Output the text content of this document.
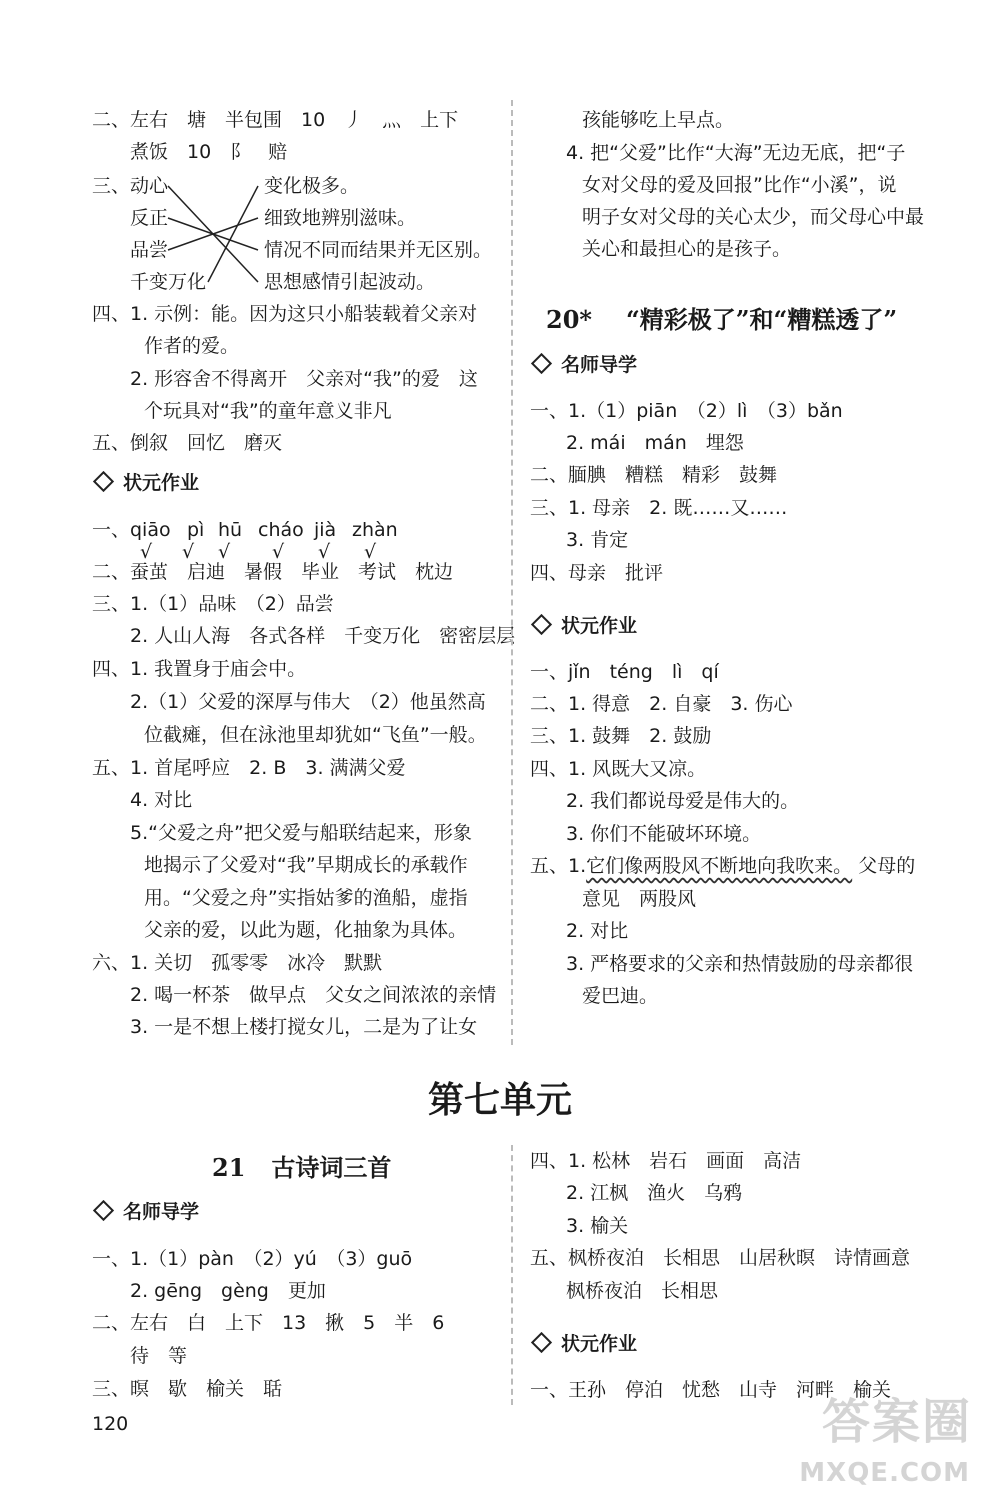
二、左右　塘　半包围　10　丿　灬　上下
煮饭　10　阝　赔
三、 动心
反正
品尝
千变万化
变化极多。
细致地辨别滋味。
情况不同而结果并无区别。
思想感情引起波动。
四、1. 示例：能。因为这只小船装载着父亲对
作者的爱。
2. 形容舍不得离开　父亲对“我”的爱　这
个玩具对“我”的童年意义非凡
五、倒叙　回忆　磨灭
状元作业
一、 qiāo pì hū cháo jià zhàn
√ √ √ √ √ √
二、蚕茧　启迪　暑假　毕业　考试　枕边
三、1.（1）品味　（2）品尝
2. 人山人海　各式各样　千变万化　密密层层
四、1. 我置身于庙会中。
2.（1）父爱的深厚与伟大　（2）他虽然高
位截瘫，但在泳池里却犹如“飞鱼”一般。
五、1. 首尾呼应　2. B　3. 满满父爱
4. 对比
5.“父爱之舟”把父爱与船联结起来，形象
地揭示了父爱对“我”早期成长的承载作
用。“父爱之舟”实指姑爹的渔船，虚指
父亲的爱，以此为题，化抽象为具体。
六、1. 关切　孤零零　冰冷　默默
2. 喝一杯茶　做早点　父女之间浓浓的亲情
3. 一是不想上楼打搅女儿，二是为了让女
孩能够吃上早点。
4. 把“父爱”比作“大海”无边无底，把“子
女对父母的爱及回报”比作“小溪”，说
明子女对父母的关心太少，而父母心中最
关心和最担心的是孩子。
20* “精彩极了”和“糟糕透了”
名师导学
一、1.（1）piān　（2）lì　（3）bǎn
2. mái　mán　埋怨
二、腼腆　糟糕　精彩　鼓舞
三、1. 母亲　2. 既……又……
3. 肯定
四、母亲　批评
状元作业
一、jǐn　téng　lì　qí
二、1. 得意　2. 自豪　3. 伤心
三、1. 鼓舞　2. 鼓励
四、1. 风既大又凉。
2. 我们都说母爱是伟大的。
3. 你们不能破坏环境。
五、1.它们像两股风不断地向我吹来。 父母的
意见　两股风
2. 对比
3. 严格要求的父亲和热情鼓励的母亲都很
爱巴迪。
第七单元
21 古诗词三首
名师导学
一、1.（1）pàn　（2）yú　（3）guō
2. gēng　gèng　更加
二、左右　白　上下　13　揪　5　半　6
待　等
三、暝　歇　榆关　聒
四、1. 松林　岩石　画面　高洁
2. 江枫　渔火　乌鸦
3. 榆关
五、枫桥夜泊　长相思　山居秋暝　诗情画意
枫桥夜泊　长相思
状元作业
一、王孙　停泊　忧愁　山寺　河畔　榆关
120	答案圈
MXQE.COM
